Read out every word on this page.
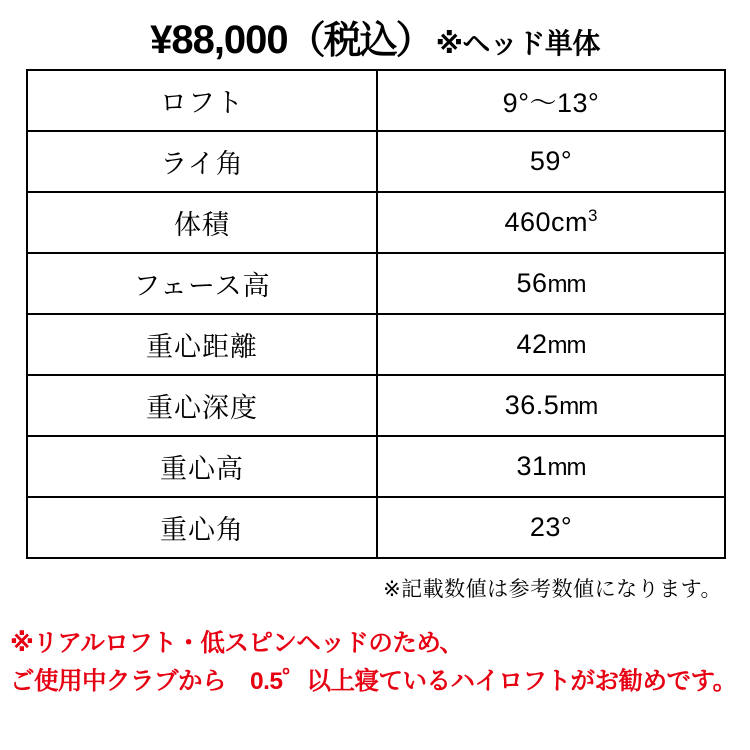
¥88,000 （税込） ※ヘッド単体
ロフト	9°〜13°
ライ角	59°
体積	$460cm^3$
フェース高	56mm
重心距離	42mm
重心深度	36.5mm
重心高	31mm
重心角	23°
※記載数値は参考数値になります。
※リアルロフト・低スピンヘッドのため、
ご使用中クラブから　0.5゜以上寝ているハイロフトがお勧めです。
